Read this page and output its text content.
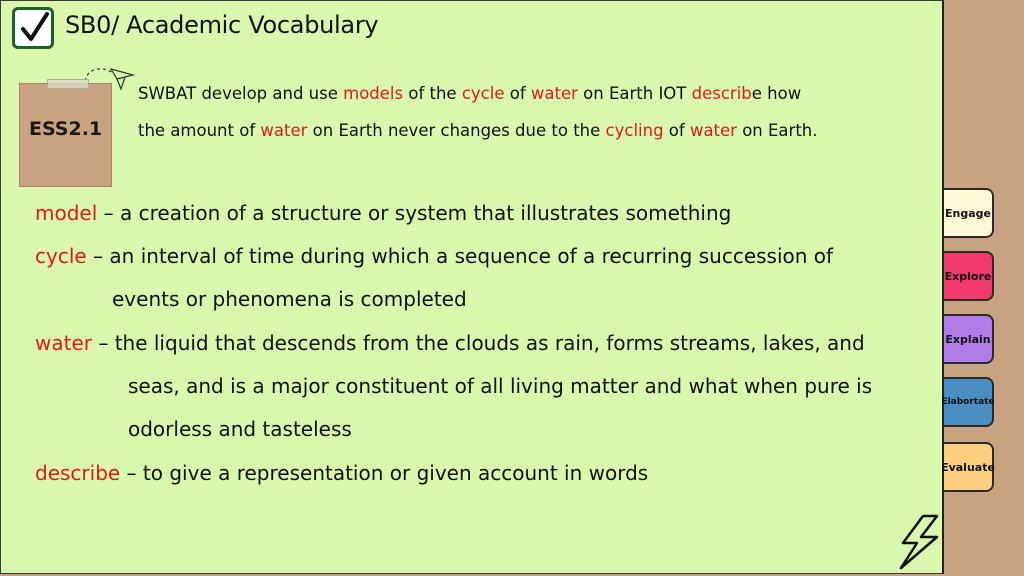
SB0/ Academic Vocabulary
ESS2.1
SWBAT develop and use models of the cycle of water on Earth IOT describe how
the amount of water on Earth never changes due to the cycling of water on Earth.
model – a creation of a structure or system that illustrates something
cycle – an interval of time during which a sequence of a recurring succession of
events or phenomena is completed
water – the liquid that descends from the clouds as rain, forms streams, lakes, and
seas, and is a major constituent of all living matter and what when pure is
odorless and tasteless
describe – to give a representation or given account in words
Engage
Explore
Explain
Elabortate
Evaluate
